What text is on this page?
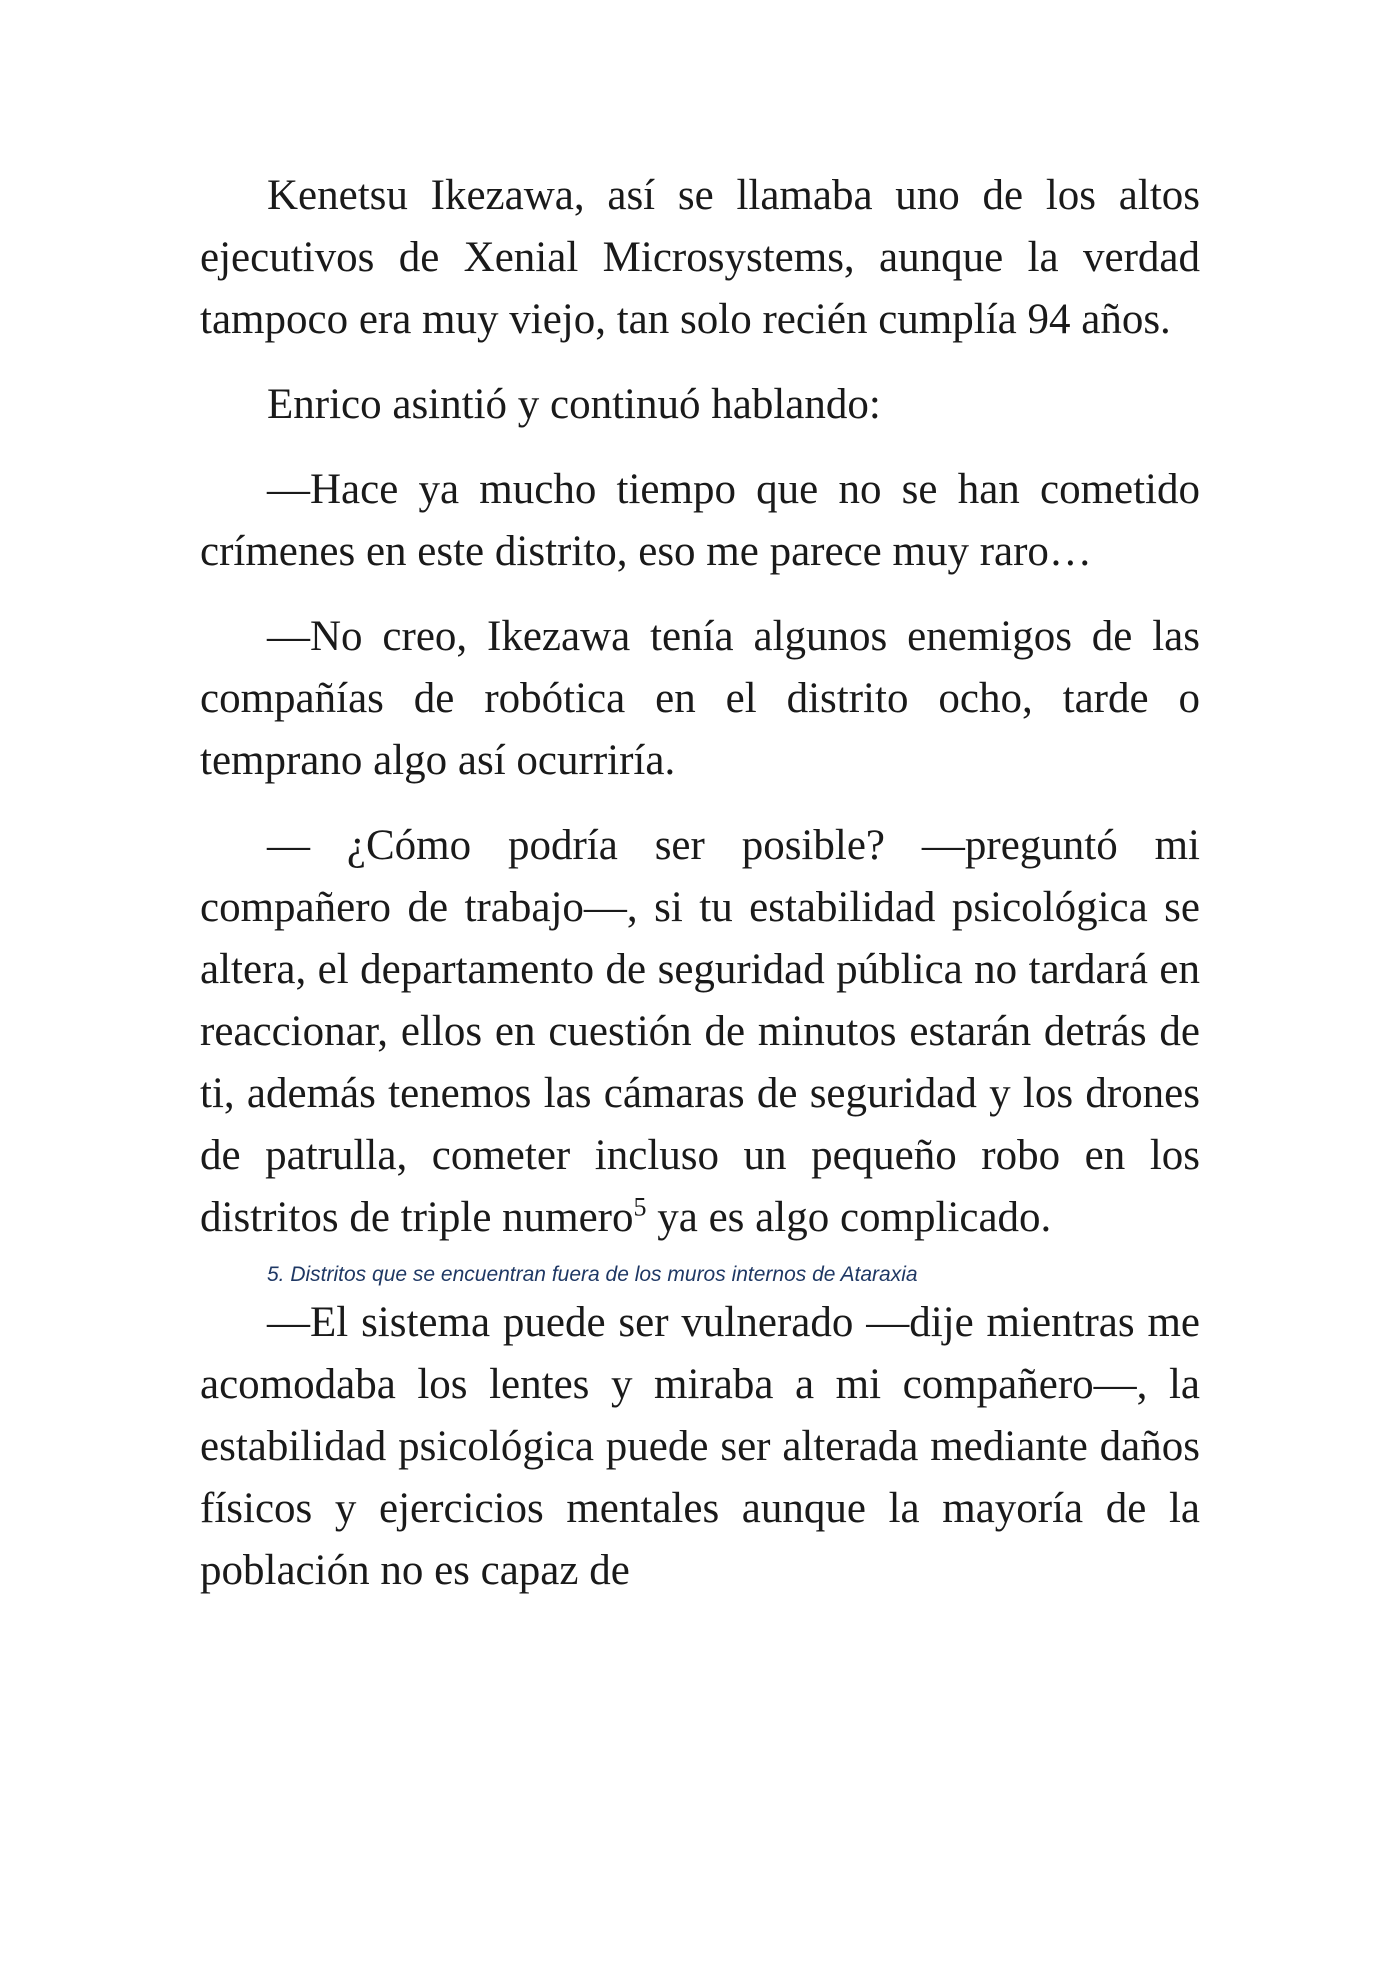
Kenetsu Ikezawa, así se llamaba uno de los altos ejecutivos de Xenial Microsystems, aunque la verdad tampoco era muy viejo, tan solo recién cumplía 94 años.

Enrico asintió y continuó hablando:

—Hace ya mucho tiempo que no se han cometido crímenes en este distrito, eso me parece muy raro…

—No creo, Ikezawa tenía algunos enemigos de las compañías de robótica en el distrito ocho, tarde o temprano algo así ocurriría.

— ¿Cómo podría ser posible? —preguntó mi compañero de trabajo—, si tu estabilidad psicológica se altera, el departamento de seguridad pública no tardará en reaccionar, ellos en cuestión de minutos estarán detrás de ti, además tenemos las cámaras de seguridad y los drones de patrulla, cometer incluso un pequeño robo en los distritos de triple numero$^5$ ya es algo complicado.

5. Distritos que se encuentran fuera de los muros internos de Ataraxia

—El sistema puede ser vulnerado —dije mientras me acomodaba los lentes y miraba a mi compañero—, la estabilidad psicológica puede ser alterada mediante daños físicos y ejercicios mentales aunque la mayoría de la población no es capaz de
